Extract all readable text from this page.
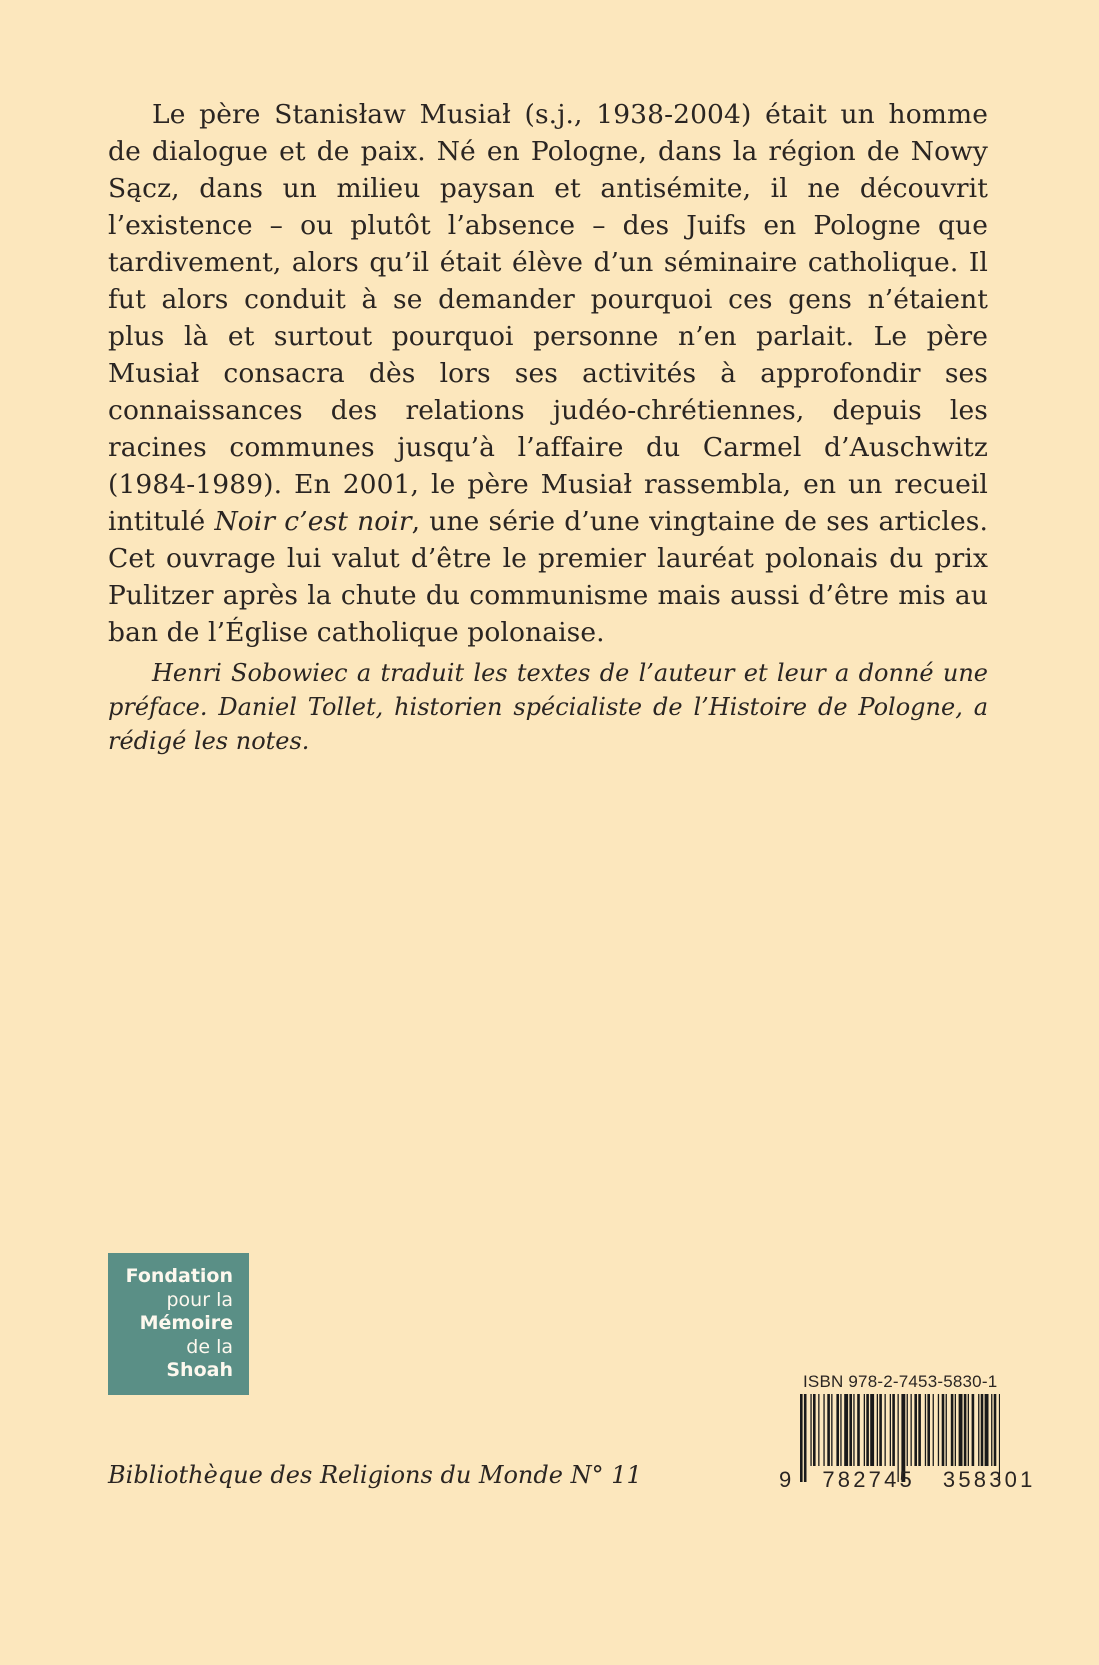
Le père Stanisław Musiał (s.j., 1938-2004) était un homme de dialogue et de paix. Né en Pologne, dans la région de Nowy Sącz, dans un milieu paysan et antisémite, il ne découvrit l’existence – ou plutôt l’absence – des Juifs en Pologne que tardivement, alors qu’il était élève d’un séminaire catholique. Il fut alors conduit à se demander pourquoi ces gens n’étaient plus là et surtout pourquoi personne n’en parlait. Le père Musiał consacra dès lors ses activités à approfondir ses connaissances des relations judéo-chrétiennes, depuis les racines communes jusqu’à l’affaire du Carmel d’Auschwitz (1984-1989). En 2001, le père Musiał rassembla, en un recueil intitulé Noir c’est noir, une série d’une vingtaine de ses articles. Cet ouvrage lui valut d’être le premier lauréat polonais du prix Pulitzer après la chute du communisme mais aussi d’être mis au ban de l’Église catholique polonaise.

Henri Sobowiec a traduit les textes de l’auteur et leur a donné une préface. Daniel Tollet, historien spécialiste de l’Histoire de Pologne, a rédigé les notes.

Fondation
pour la
Mémoire
de la
Shoah

Bibliothèque des Religions du Monde N° 11

ISBN 978-2-7453-5830-1
9   782745   358301
